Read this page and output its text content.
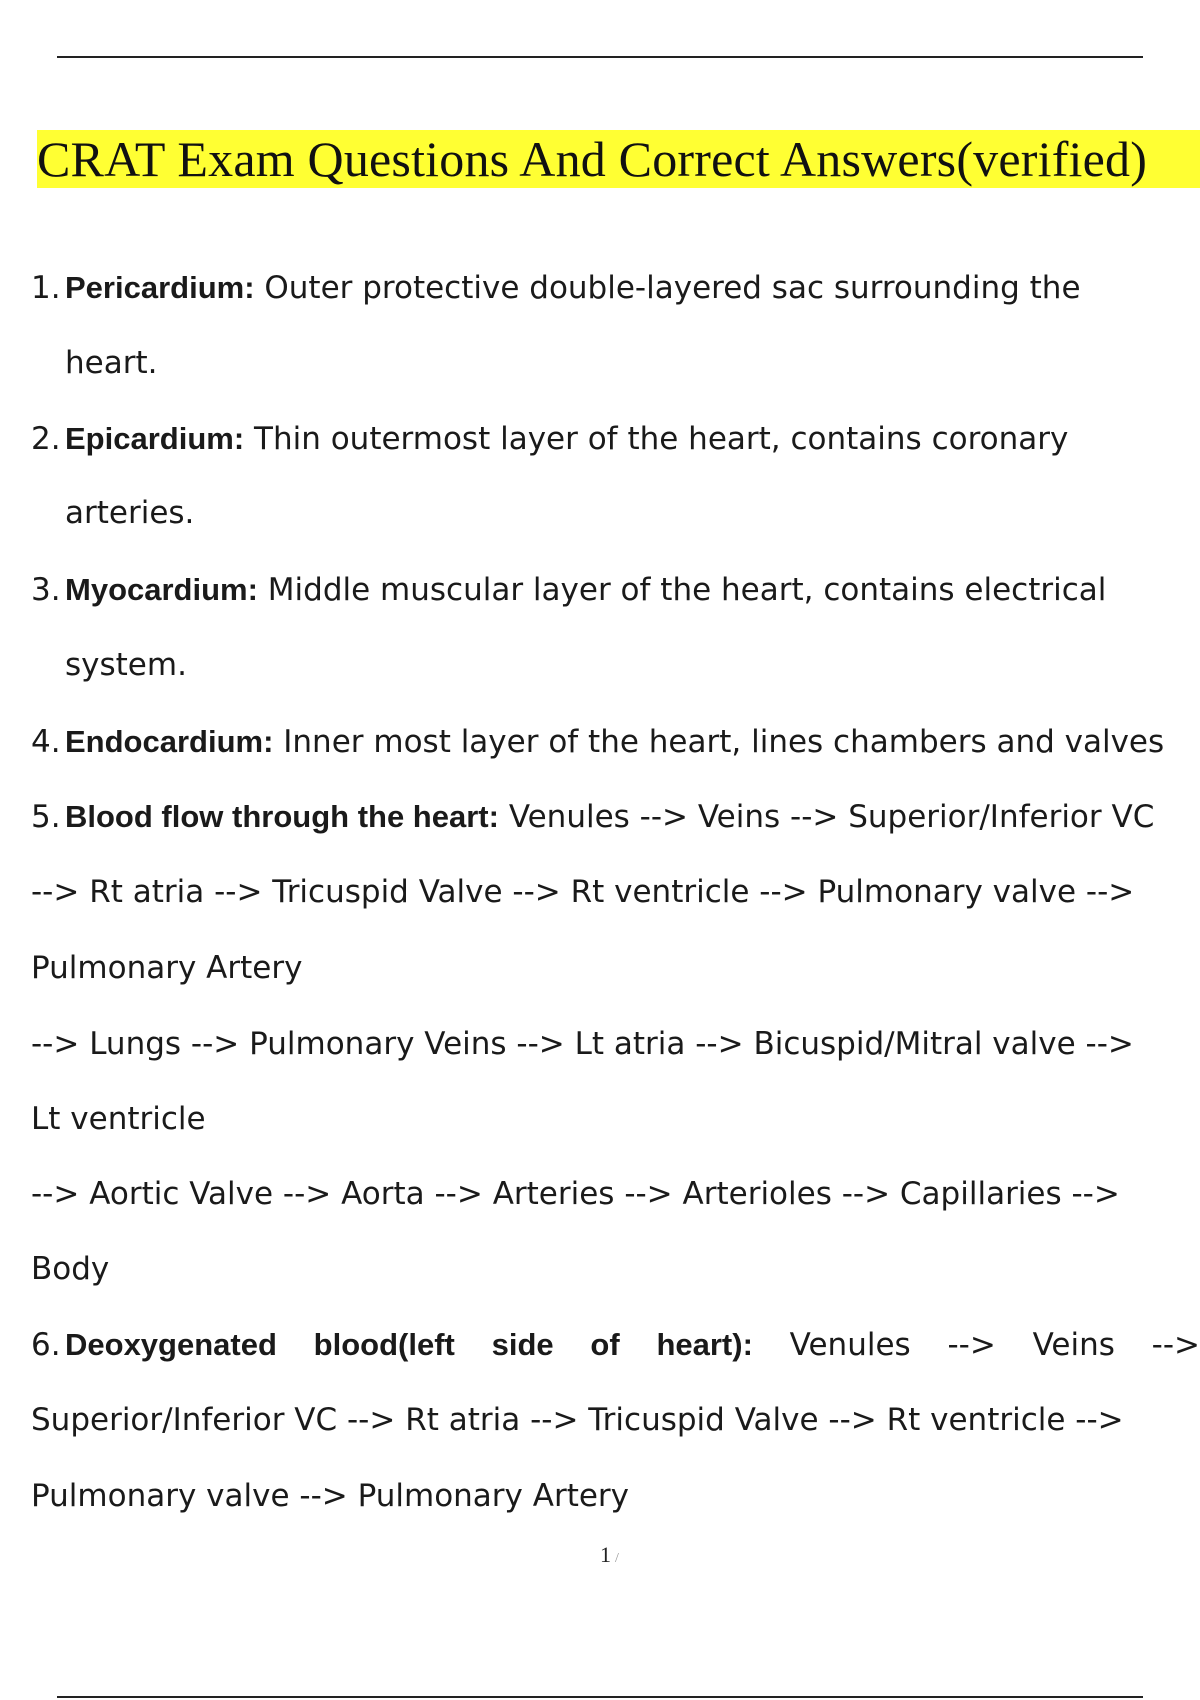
CRAT Exam Questions And Correct Answers(verified)
1. Pericardium: Outer protective double-layered sac surrounding the
heart.
2. Epicardium: Thin outermost layer of the heart, contains coronary
arteries.
3. Myocardium: Middle muscular layer of the heart, contains electrical
system.
4. Endocardium: Inner most layer of the heart, lines chambers and valves
5. Blood flow through the heart: Venules --> Veins --> Superior/Inferior VC
--> Rt atria --> Tricuspid Valve --> Rt ventricle --> Pulmonary valve -->
Pulmonary Artery
--> Lungs --> Pulmonary Veins --> Lt atria --> Bicuspid/Mitral valve -->
Lt ventricle
--> Aortic Valve --> Aorta --> Arteries --> Arterioles --> Capillaries -->
Body
6. Deoxygenated blood(left side of heart): Venules --> Veins -->
Superior/Inferior VC --> Rt atria --> Tricuspid Valve --> Rt ventricle -->
Pulmonary valve --> Pulmonary Artery
1 /
